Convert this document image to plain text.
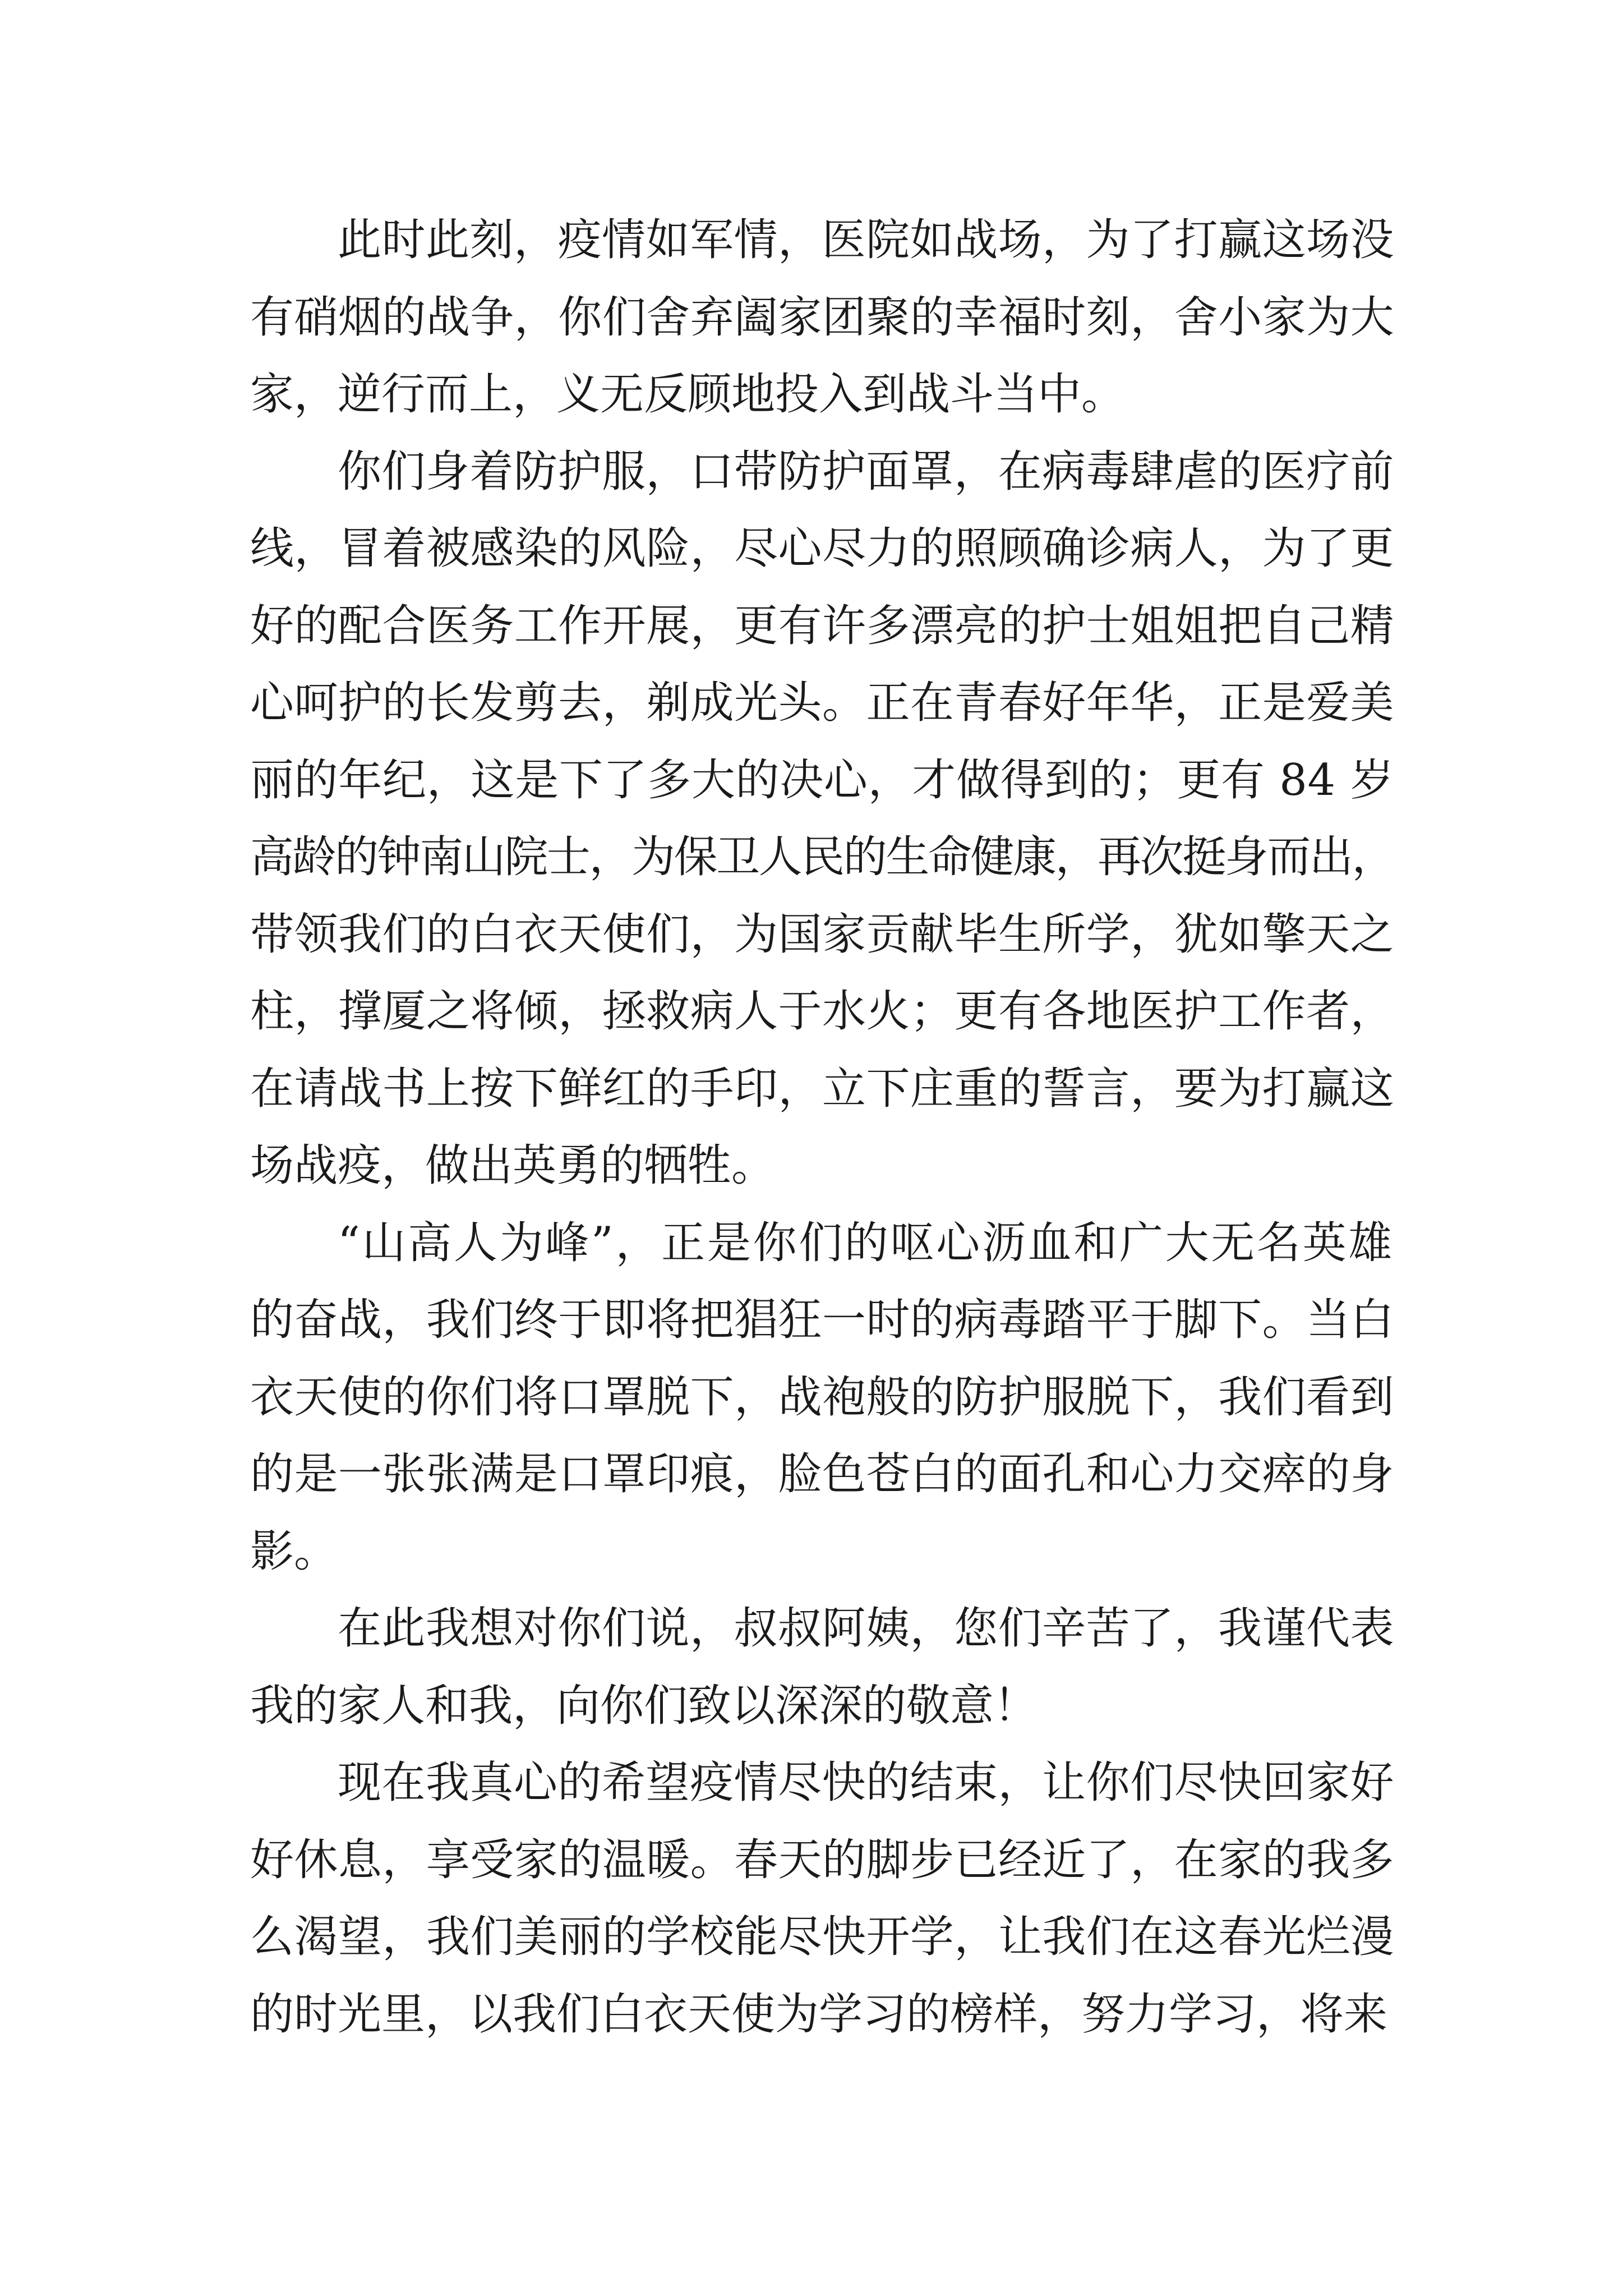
此时此刻，疫情如军情，医院如战场，为了打赢这场没
有硝烟的战争，你们舍弃阖家团聚的幸福时刻，舍小家为大
家，逆行而上，义无反顾地投入到战斗当中。
你们身着防护服，口带防护面罩，在病毒肆虐的医疗前
线，冒着被感染的风险，尽心尽力的照顾确诊病人，为了更
好的配合医务工作开展，更有许多漂亮的护士姐姐把自己精
心呵护的长发剪去，剃成光头。正在青春好年华，正是爱美
丽的年纪，这是下了多大的决心，才做得到的；更有 84 岁
高龄的钟南山院士，为保卫人民的生命健康，再次挺身而出，
带领我们的白衣天使们，为国家贡献毕生所学，犹如擎天之
柱，撑厦之将倾，拯救病人于水火；更有各地医护工作者，
在请战书上按下鲜红的手印，立下庄重的誓言，要为打赢这
场战疫，做出英勇的牺牲。
“山高人为峰”，正是你们的呕心沥血和广大无名英雄
的奋战，我们终于即将把猖狂一时的病毒踏平于脚下。当白
衣天使的你们将口罩脱下，战袍般的防护服脱下，我们看到
的是一张张满是口罩印痕，脸色苍白的面孔和心力交瘁的身
影。
在此我想对你们说，叔叔阿姨，您们辛苦了，我谨代表
我的家人和我，向你们致以深深的敬意！
现在我真心的希望疫情尽快的结束，让你们尽快回家好
好休息，享受家的温暖。春天的脚步已经近了，在家的我多
么渴望，我们美丽的学校能尽快开学，让我们在这春光烂漫
的时光里，以我们白衣天使为学习的榜样，努力学习，将来
